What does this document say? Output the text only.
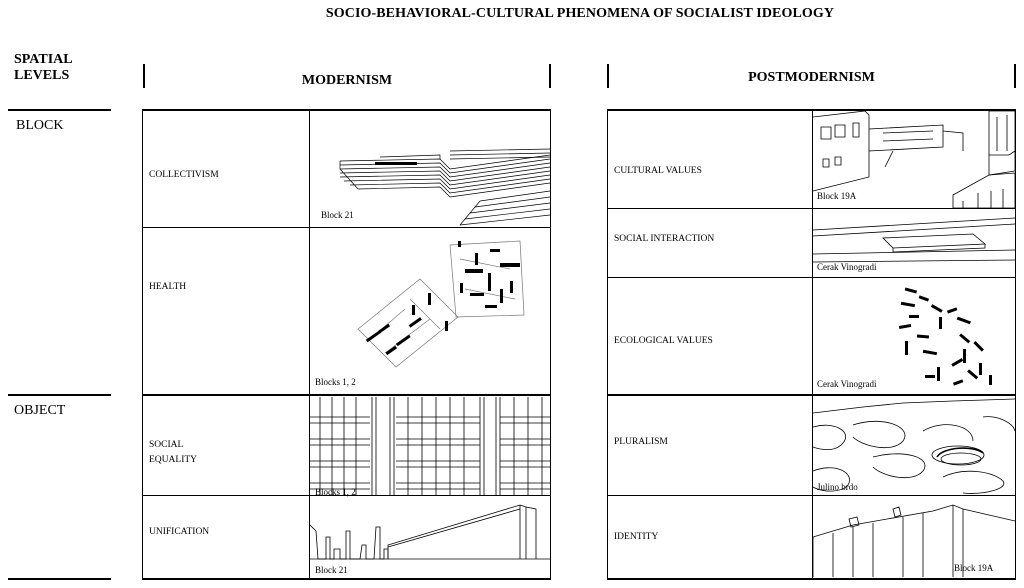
SOCIO-BEHAVIORAL-CULTURAL PHENOMENA OF SOCIALIST IDEOLOGY
SPATIAL
LEVELS	MODERNISM	POSTMODERNISM
BLOCK
OBJECT
COLLECTIVISM
Block 21
HEALTH
Blocks 1, 2
SOCIAL
EQUALITY
Blocks 1, 2
UNIFICATION
Block 21
CULTURAL VALUES
Block 19A
SOCIAL INTERACTION
Cerak Vinogradi
ECOLOGICAL VALUES
Cerak Vinogradi
PLURALISM
Julino brdo
IDENTITY
Block 19A
